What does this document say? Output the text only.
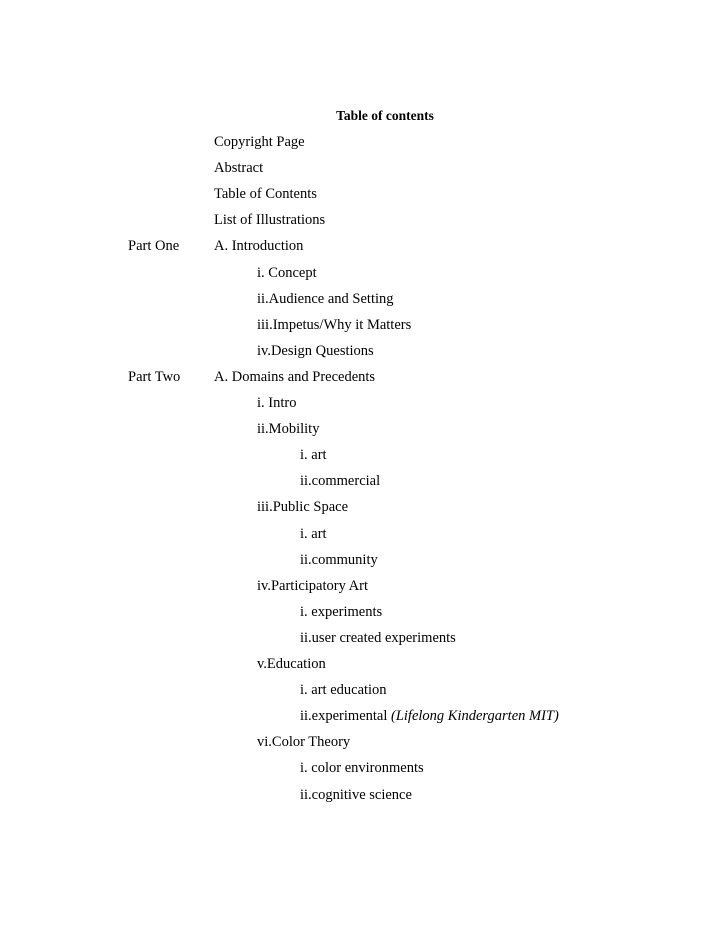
Table of contents
Copyright Page
Abstract
Table of Contents
List of Illustrations
Part One A. Introduction
i. Concept
ii.Audience and Setting
iii.Impetus/Why it Matters
iv.Design Questions
Part Two A. Domains and Precedents
i. Intro
ii.Mobility
i. art
ii.commercial
iii.Public Space
i. art
ii.community
iv.Participatory Art
i. experiments
ii.user created experiments
v.Education
i. art education
ii.experimental (Lifelong Kindergarten MIT)
vi.Color Theory
i. color environments
ii.cognitive science
